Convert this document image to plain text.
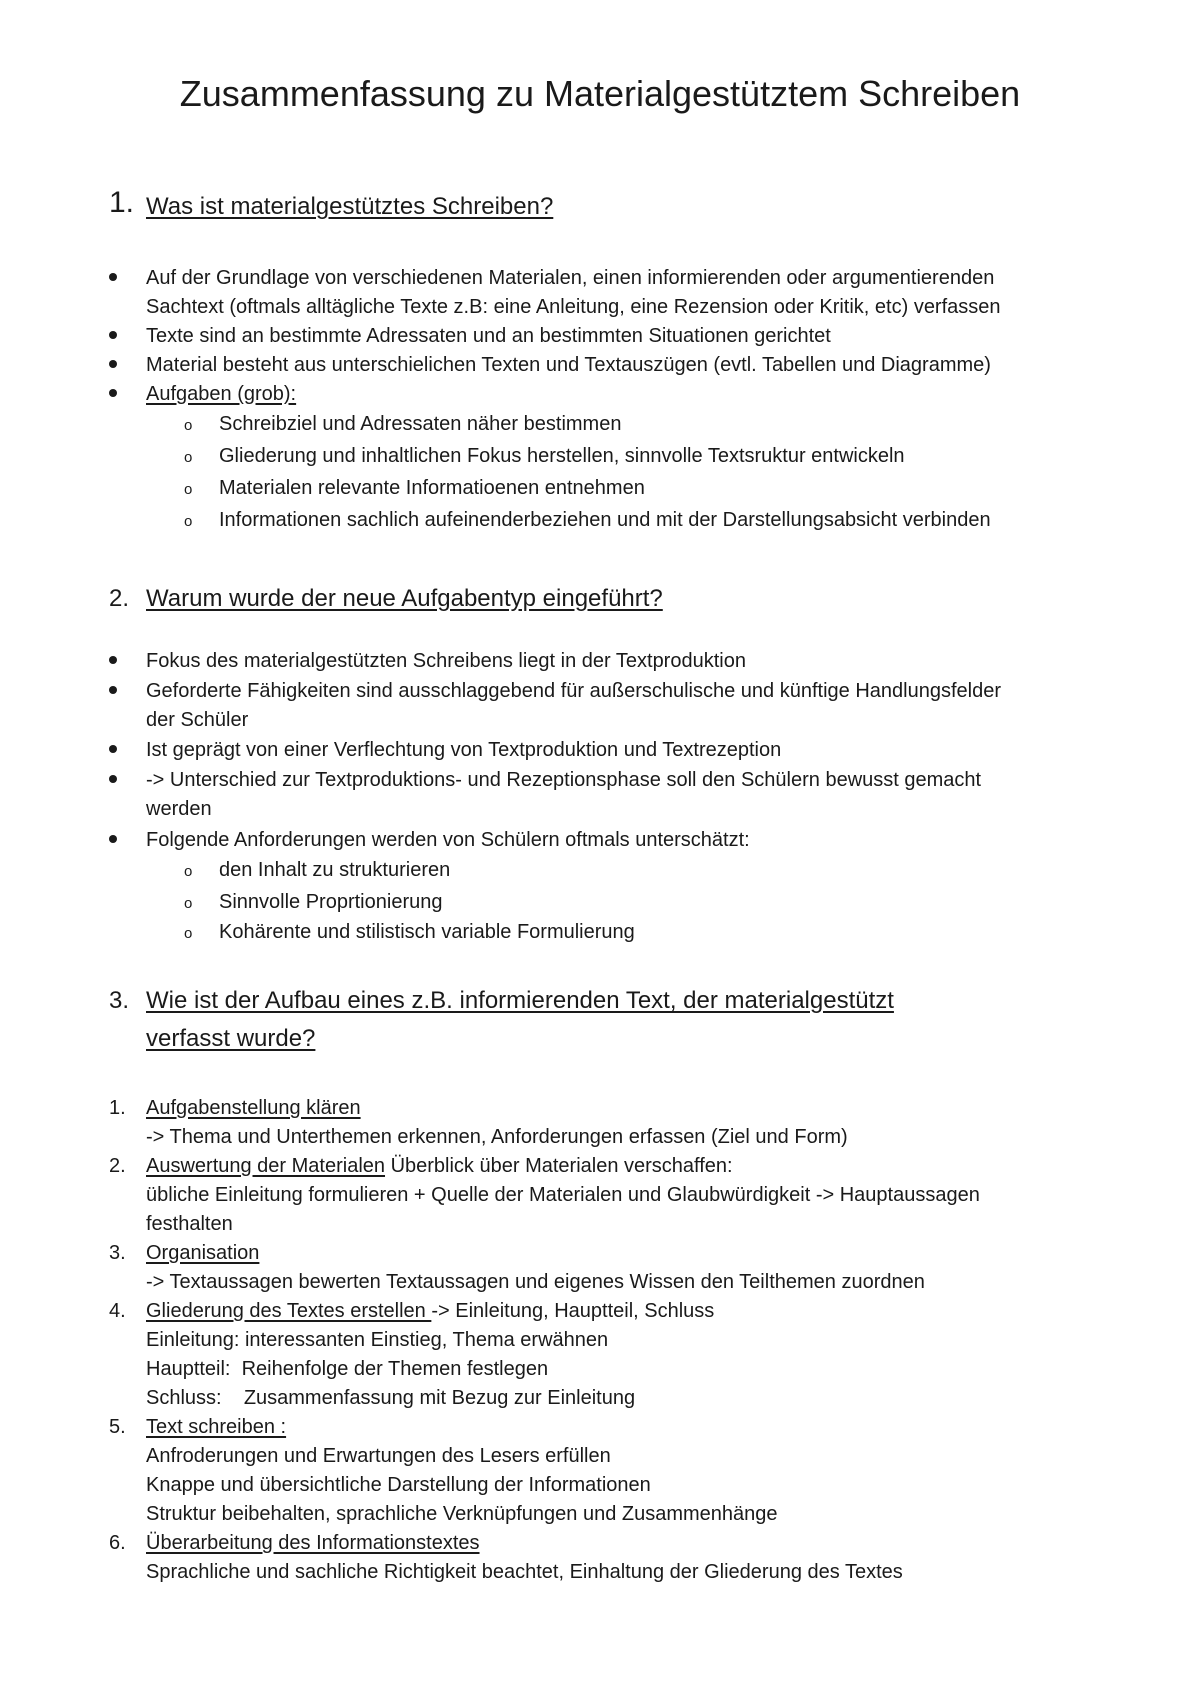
Zusammenfassung zu Materialgestütztem Schreiben
1. Was ist materialgestütztes Schreiben?
Auf der Grundlage von verschiedenen Materialen, einen informierenden oder argumentierenden
Sachtext (oftmals alltägliche Texte z.B: eine Anleitung, eine Rezension oder Kritik, etc) verfassen
Texte sind an bestimmte Adressaten und an bestimmten Situationen gerichtet
Material besteht aus unterschielichen Texten und Textauszügen (evtl. Tabellen und Diagramme)
Aufgaben (grob):
o Schreibziel und Adressaten näher bestimmen
o Gliederung und inhaltlichen Fokus herstellen, sinnvolle Textsruktur entwickeln
o Materialen relevante Informatioenen entnehmen
o Informationen sachlich aufeinenderbeziehen und mit der Darstellungsabsicht verbinden
2. Warum wurde der neue Aufgabentyp eingeführt?
Fokus des materialgestützten Schreibens liegt in der Textproduktion
Geforderte Fähigkeiten sind ausschlaggebend für außerschulische und künftige Handlungsfelder
der Schüler
Ist geprägt von einer Verflechtung von Textproduktion und Textrezeption
-> Unterschied zur Textproduktions- und Rezeptionsphase soll den Schülern bewusst gemacht
werden
Folgende Anforderungen werden von Schülern oftmals unterschätzt:
o den Inhalt zu strukturieren
o Sinnvolle Proprtionierung
o Kohärente und stilistisch variable Formulierung
3. Wie ist der Aufbau eines z.B. informierenden Text, der materialgestützt
verfasst wurde?
1. Aufgabenstellung klären
-> Thema und Unterthemen erkennen, Anforderungen erfassen (Ziel und Form)
2. Auswertung der Materialen Überblick über Materialen verschaffen:
übliche Einleitung formulieren + Quelle der Materialen und Glaubwürdigkeit -> Hauptaussagen
festhalten
3. Organisation
-> Textaussagen bewerten Textaussagen und eigenes Wissen den Teilthemen zuordnen
4. Gliederung des Textes erstellen -> Einleitung, Hauptteil, Schluss
Einleitung: interessanten Einstieg, Thema erwähnen
Hauptteil:  Reihenfolge der Themen festlegen
Schluss:    Zusammenfassung mit Bezug zur Einleitung
5. Text schreiben :
Anfroderungen und Erwartungen des Lesers erfüllen
Knappe und übersichtliche Darstellung der Informationen
Struktur beibehalten, sprachliche Verknüpfungen und Zusammenhänge
6. Überarbeitung des Informationstextes
Sprachliche und sachliche Richtigkeit beachtet, Einhaltung der Gliederung des Textes
